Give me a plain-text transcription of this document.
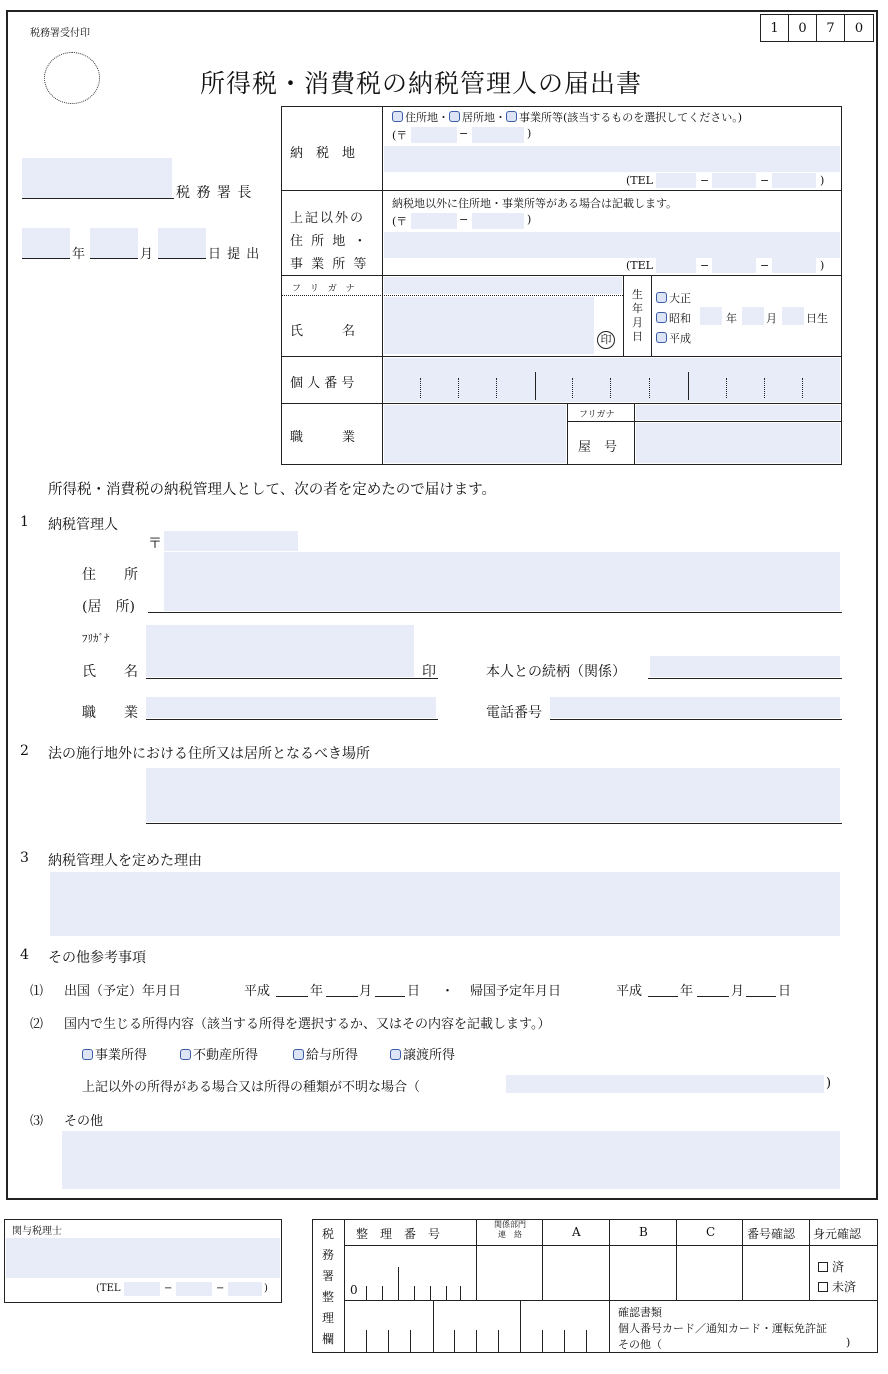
税務署受付印	1	0	7	0
所得税・消費税の納税管理人の届出書
税 務 署 長
年	月	日 提 出
納　税　地
住所地・ 居所地・ 事業所等(該当するものを選択してください。)
(〒	−	)
(TEL	−	−	)
上記以外の
住 所 地 ・
事 業 所 等
納税地以外に住所地・事業所等がある場合は記載します。
(〒	−	)
(TEL	−	−	)
フ リ ガ ナ
氏　　　名
印
生
年
月
日
大正
昭和
平成
年	月	日生
個 人 番 号
職　　　業
フリガナ
屋　号
所得税・消費税の納税管理人として、次の者を定めたので届けます。
1 納税管理人
〒
住　　所
(居　所)
ﾌﾘｶﾞﾅ
氏　　名	印	本人との続柄（関係）
職　　業	電話番号
2 法の施行地外における住所又は居所となるべき場所
3 納税管理人を定めた理由
4 その他参考事項
⑴ 出国（予定）年月日	平成	年	月	日 ・ 帰国予定年月日	平成	年	月	日
⑵ 国内で生じる所得内容（該当する所得を選択するか、又はその内容を記載します。）
事業所得	不動産所得	給与所得	譲渡所得
上記以外の所得がある場合又は所得の種類が不明な場合（	)
⑶ その他
関与税理士
(TEL	−	−	)
税
務
署
整
理
欄
整　理　番　号
関係部門
連　絡	A	B	C	番号確認 身元確認
0
済
未済
確認書類
個人番号カード／通知カード・運転免許証
その他（	)
